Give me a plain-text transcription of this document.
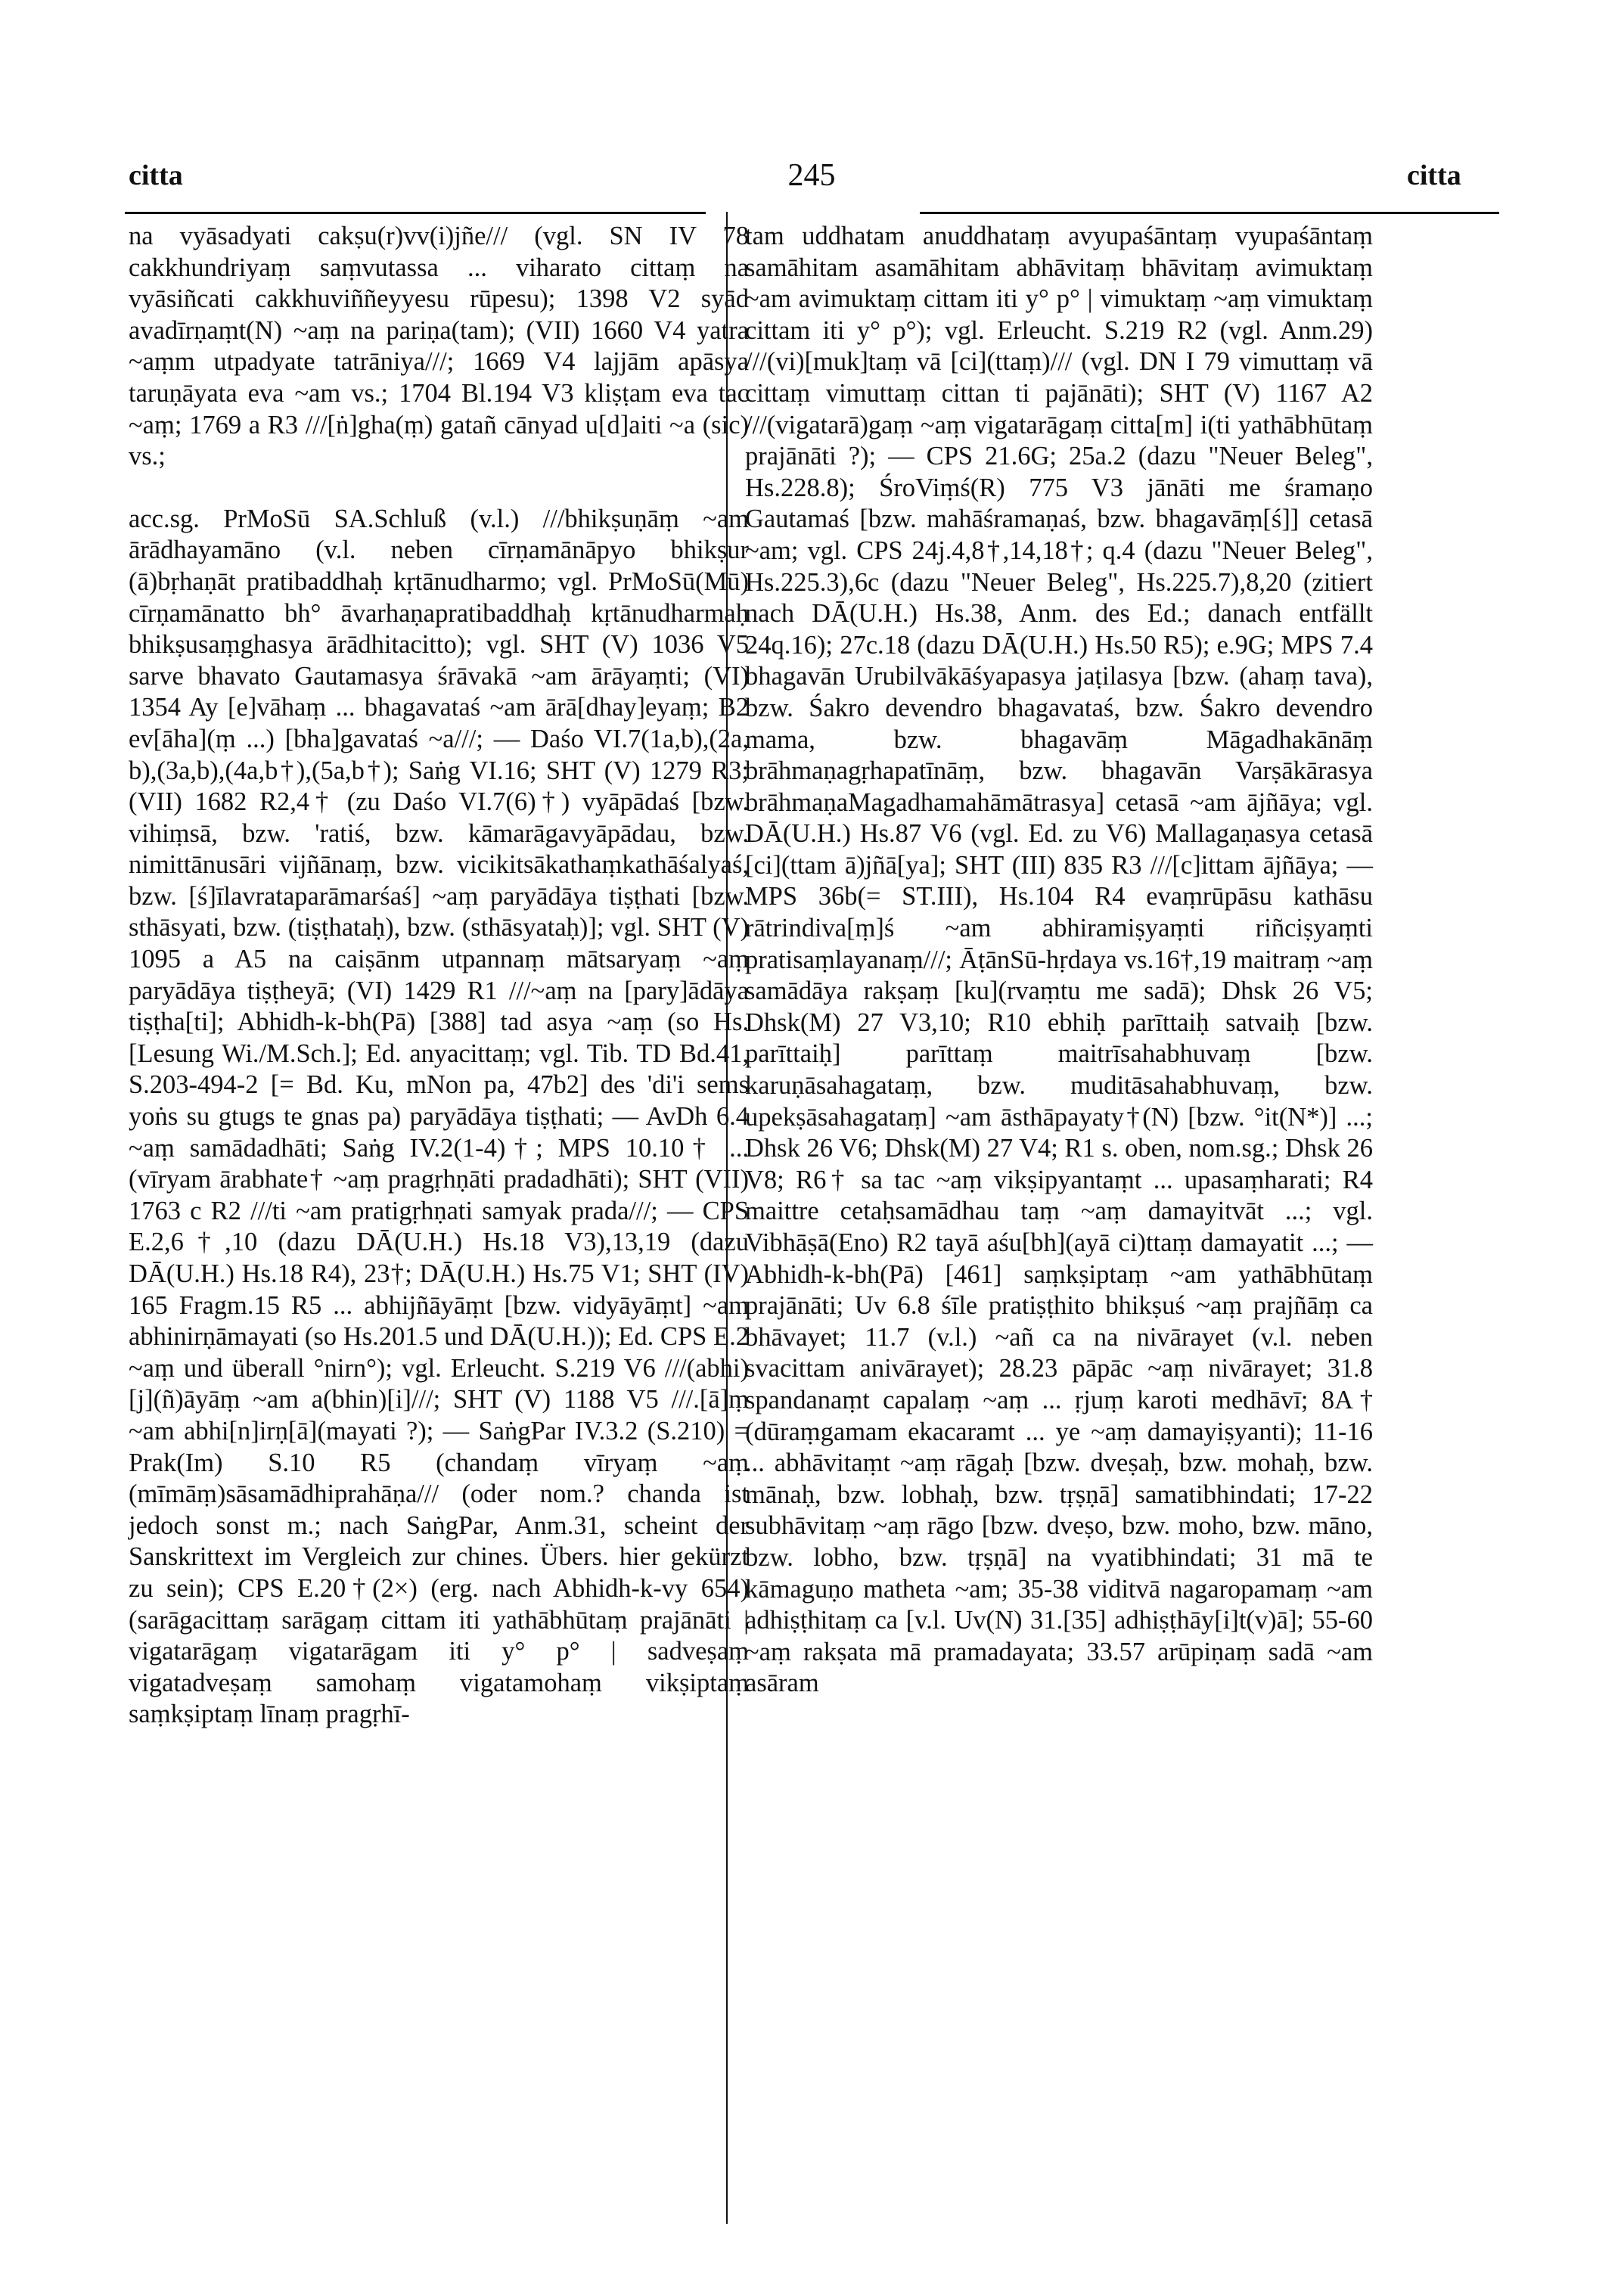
citta	245	citta

na vyāsadyati cakṣu(r)vv(i)jñe/// (vgl. SN IV 78 cakkhundriyaṃ saṃvutassa ... viharato cittaṃ na vyāsiñcati cakkhuviññeyyesu rūpesu); 1398 V2 syād avadīrṇaṃt(N) ~aṃ na pariṇa(tam); (VII) 1660 V4 yatra ~aṃm utpadyate tatrāniya///; 1669 V4 lajjām apāsya taruṇāyata eva ~am vs.; 1704 Bl.194 V3 kliṣṭam eva tac ~aṃ; 1769 a R3 ///[ṅ]gha(ṃ) gatañ cānyad u[d]aiti ~a (sic) vs.;

acc.sg. PrMoSū SA.Schluß (v.l.) ///bhikṣuṇāṃ ~am ārādhayamāno (v.l. neben cīrṇamānāpyo bhikṣur (ā)bṛhaṇāt pratibaddhaḥ kṛtānudharmo; vgl. PrMoSū(Mū) cīrṇamānatto bh° āvarhaṇapratibaddhaḥ kṛtānudharmaḥ bhikṣusaṃghasya ārādhitacitto); vgl. SHT (V) 1036 V5 sarve bhavato Gautamasya śrāvakā ~am ārāyaṃti; (VI) 1354 Ay [e]vāhaṃ ... bhagavataś ~am ārā[dhay]eyaṃ; B2 ev[āha](ṃ ...) [bha]gavataś ~a///; — Daśo VI.7(1a,b),(2a, b),(3a,b),(4a,b†),(5a,b†); Saṅg VI.16; SHT (V) 1279 R3; (VII) 1682 R2,4† (zu Daśo VI.7(6)†) vyāpādaś [bzw. vihiṃsā, bzw. 'ratiś, bzw. kāmarāgavyāpādau, bzw. nimittānusāri vijñānaṃ, bzw. vicikitsākathaṃkathāśalyaś, bzw. [ś]īlavrataparāmarśaś] ~aṃ paryādāya tiṣṭhati [bzw. sthāsyati, bzw. (tiṣṭhataḥ), bzw. (sthāsyataḥ)]; vgl. SHT (V) 1095 a A5 na caiṣānm utpannaṃ mātsaryaṃ ~aṃ paryādāya tiṣṭheyā; (VI) 1429 R1 ///~aṃ na [pary]ādāya tiṣṭha[ti]; Abhidh-k-bh(Pā) [388] tad asya ~aṃ (so Hs. [Lesung Wi./M.Sch.]; Ed. anyacittaṃ; vgl. Tib. TD Bd.41, S.203-494-2 [= Bd. Ku, mNon pa, 47b2] des 'di'i sems yoṅs su gtugs te gnas pa) paryādāya tiṣṭhati; — AvDh 6.4 ~aṃ samādadhāti; Saṅg IV.2(1-4)†; MPS 10.10† ... (vīryam ārabhate† ~aṃ pragṛhṇāti pradadhāti); SHT (VII) 1763 c R2 ///ti ~am pratigṛhṇati samyak prada///; — CPS E.2,6†,10 (dazu DĀ(U.H.) Hs.18 V3),13,19 (dazu DĀ(U.H.) Hs.18 R4), 23†; DĀ(U.H.) Hs.75 V1; SHT (IV) 165 Fragm.15 R5 ... abhijñāyāṃt [bzw. vidyāyāṃt] ~am abhinirṇāmayati (so Hs.201.5 und DĀ(U.H.)); Ed. CPS E.2 ~aṃ und überall °nirn°); vgl. Erleucht. S.219 V6 ///(abhi)[j](ñ)āyāṃ ~am a(bhin)[i]///; SHT (V) 1188 V5 ///.[ā]ṃ ~am abhi[n]irṇ[ā](mayati ?); — SaṅgPar IV.3.2 (S.210) = Prak(Im) S.10 R5 (chandaṃ vīryaṃ ~aṃ (mīmāṃ)sāsamādhiprahāṇa/// (oder nom.? chanda ist jedoch sonst m.; nach SaṅgPar, Anm.31, scheint der Sanskrittext im Vergleich zur chines. Übers. hier gekürzt zu sein); CPS E.20†(2×) (erg. nach Abhidh-k-vy 654) (sarāgacittaṃ sarāgaṃ cittam iti yathābhūtaṃ prajānāti | vigatarāgaṃ vigatarāgam iti y° p° | sadveṣaṃ vigatadveṣaṃ samohaṃ vigatamohaṃ vikṣiptaṃ saṃkṣiptaṃ līnaṃ pragṛhī-

tam uddhatam anuddhataṃ avyupaśāntaṃ vyupaśāntaṃ samāhitam asamāhitam abhāvitaṃ bhāvitaṃ avimuktaṃ ~am avimuktaṃ cittam iti y° p° | vimuktaṃ ~aṃ vimuktaṃ cittam iti y° p°); vgl. Erleucht. S.219 R2 (vgl. Anm.29) ///(vi)[muk]taṃ vā [ci](ttaṃ)/// (vgl. DN I 79 vimuttaṃ vā cittaṃ vimuttaṃ cittan ti pajānāti); SHT (V) 1167 A2 ///(vigatarā)gaṃ ~aṃ vigatarāgaṃ citta[m] i(ti yathābhūtaṃ prajānāti ?); — CPS 21.6G; 25a.2 (dazu "Neuer Beleg", Hs.228.8); ŚroViṃś(R) 775 V3 jānāti me śramaṇo Gautamaś [bzw. mahāśramaṇaś, bzw. bhagavāṃ[ś]] cetasā ~am; vgl. CPS 24j.4,8†,14,18†; q.4 (dazu "Neuer Beleg", Hs.225.3),6c (dazu "Neuer Beleg", Hs.225.7),8,20 (zitiert nach DĀ(U.H.) Hs.38, Anm. des Ed.; danach entfällt 24q.16); 27c.18 (dazu DĀ(U.H.) Hs.50 R5); e.9G; MPS 7.4 bhagavān Urubilvākāśyapasya jaṭilasya [bzw. (ahaṃ tava), bzw. Śakro devendro bhagavataś, bzw. Śakro devendro mama, bzw. bhagavāṃ Māgadhakānāṃ brāhmaṇagṛhapatīnāṃ, bzw. bhagavān Varṣākārasya brāhmaṇaMagadhamahāmātrasya] cetasā ~am ājñāya; vgl. DĀ(U.H.) Hs.87 V6 (vgl. Ed. zu V6) Mallagaṇasya cetasā [ci](ttam ā)jñā[ya]; SHT (III) 835 R3 ///[c]ittam ājñāya; — MPS 36b(= ST.III), Hs.104 R4 evaṃrūpāsu kathāsu rātrindiva[ṃ]ś ~am abhiramiṣyaṃti riñciṣyaṃti pratisaṃlayanaṃ///; ĀṭānSū-hṛdaya vs.16†,19 maitraṃ ~aṃ samādāya rakṣaṃ [ku](rvaṃtu me sadā); Dhsk 26 V5; Dhsk(M) 27 V3,10; R10 ebhiḥ parīttaiḥ satvaiḥ [bzw. parīttaiḥ] parīttaṃ maitrīsahabhuvaṃ [bzw. karuṇāsahagataṃ, bzw. muditāsahabhuvaṃ, bzw. upekṣāsahagataṃ] ~am āsthāpayaty†(N) [bzw. °it(N*)] ...; Dhsk 26 V6; Dhsk(M) 27 V4; R1 s. oben, nom.sg.; Dhsk 26 V8; R6† sa tac ~aṃ vikṣipyantaṃt ... upasaṃharati; R4 maittre cetaḥsamādhau taṃ ~aṃ damayitvāt ...; vgl. Vibhāṣā(Eno) R2 tayā aśu[bh](ayā ci)ttaṃ damayatit ...; — Abhidh-k-bh(Pā) [461] saṃkṣiptaṃ ~am yathābhūtaṃ prajānāti; Uv 6.8 śīle pratiṣṭhito bhikṣuś ~aṃ prajñāṃ ca bhāvayet; 11.7 (v.l.) ~añ ca na nivārayet (v.l. neben svacittam anivārayet); 28.23 pāpāc ~aṃ nivārayet; 31.8 spandanaṃt capalaṃ ~aṃ ... ṛjuṃ karoti medhāvī; 8A† (dūraṃgamam ekacaramt ... ye ~aṃ damayiṣyanti); 11-16 ... abhāvitaṃt ~aṃ rāgaḥ [bzw. dveṣaḥ, bzw. mohaḥ, bzw. mānaḥ, bzw. lobhaḥ, bzw. tṛṣṇā] samatibhindati; 17-22 subhāvitaṃ ~aṃ rāgo [bzw. dveṣo, bzw. moho, bzw. māno, bzw. lobho, bzw. tṛṣṇā] na vyatibhindati; 31 mā te kāmaguṇo matheta ~am; 35-38 viditvā nagaropamaṃ ~am adhiṣṭhitaṃ ca [v.l. Uv(N) 31.[35] adhiṣṭhāy[i]t(v)ā]; 55-60 ~aṃ rakṣata mā pramadayata; 33.57 arūpiṇaṃ sadā ~am asāram
